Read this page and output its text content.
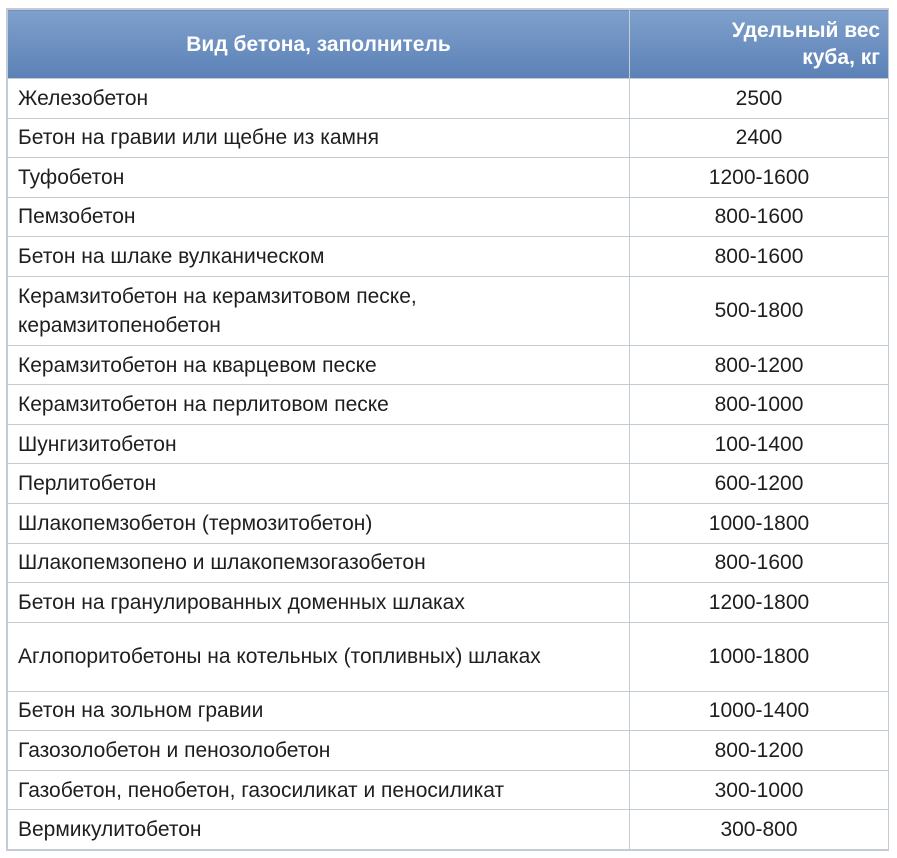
Вид бетона, заполнитель	Удельный вес
куба, кг
Железобетон	2500
Бетон на гравии или щебне из камня	2400
Туфобетон	1200-1600
Пемзобетон	800-1600
Бетон на шлаке вулканическом	800-1600
Керамзитобетон на керамзитовом песке, керамзитопенобетон	500-1800
Керамзитобетон на кварцевом песке	800-1200
Керамзитобетон на перлитовом песке	800-1000
Шунгизитобетон	100-1400
Перлитобетон	600-1200
Шлакопемзобетон (термозитобетон)	1000-1800
Шлакопемзопено и шлакопемзогазобетон	800-1600
Бетон на гранулированных доменных шлаках	1200-1800
Аглопоритобетоны на котельных (топливных) шлаках	1000-1800
Бетон на зольном гравии	1000-1400
Газозолобетон и пенозолобетон	800-1200
Газобетон, пенобетон, газосиликат и пеносиликат	300-1000
Вермикулитобетон	300-800
